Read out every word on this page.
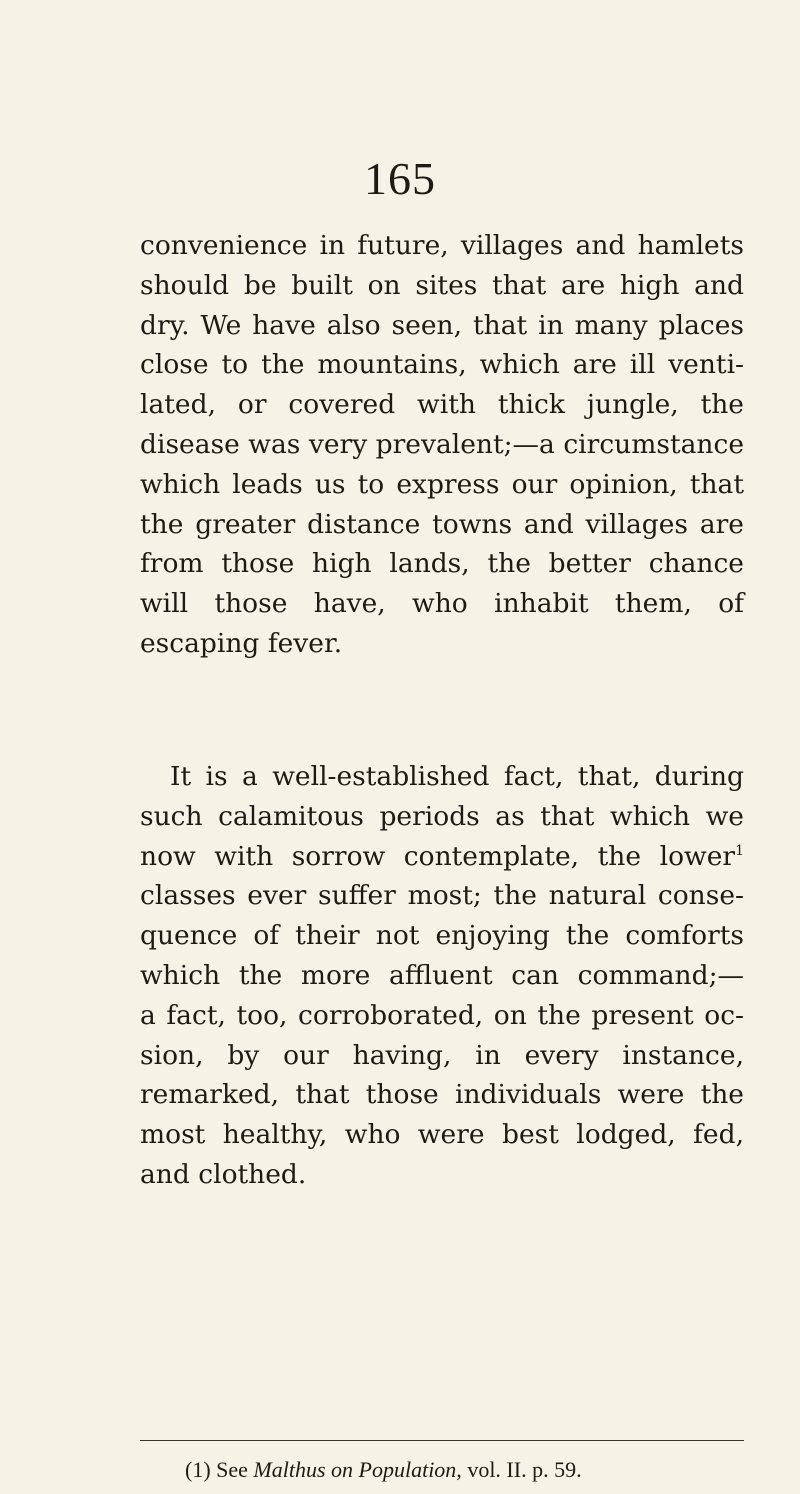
165
convenience in future, villages and hamlets
should be built on sites that are high and
dry. We have also seen, that in many places
close to the mountains, which are ill venti-
lated, or covered with thick jungle, the
disease was very prevalent;—a circumstance
which leads us to express our opinion, that
the greater distance towns and villages are
from those high lands, the better chance
will those have, who inhabit them, of
escaping fever.
It is a well-established fact, that, during
such calamitous periods as that which we
now with sorrow contemplate, the lower$^1$
classes ever suffer most; the natural conse-
quence of their not enjoying the comforts
which the more affluent can command;—
a fact, too, corroborated, on the present oc-
sion, by our having, in every instance,
remarked, that those individuals were the
most healthy, who were best lodged, fed,
and clothed.
(1) See Malthus on Population, vol. II. p. 59.
